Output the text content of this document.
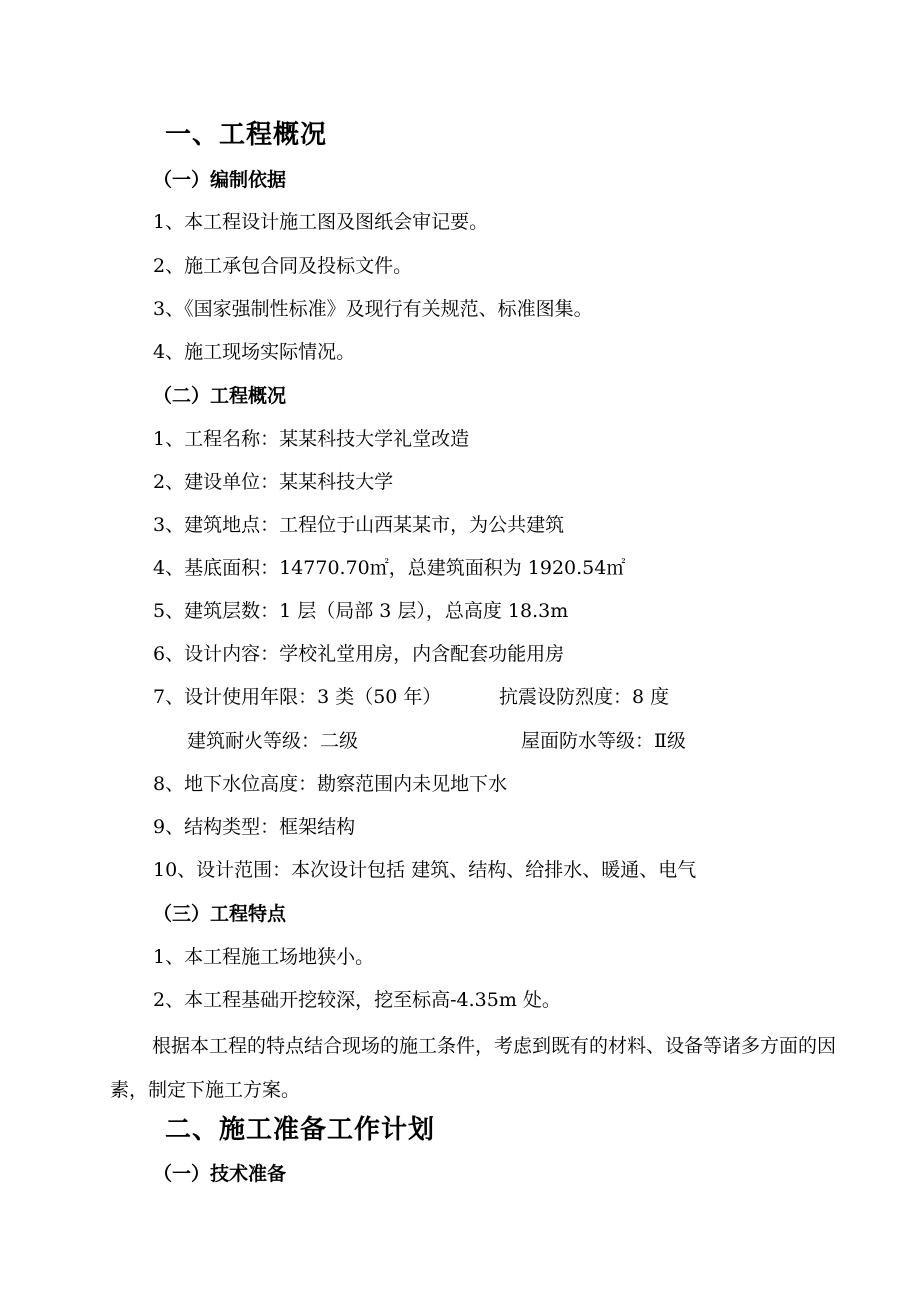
一、工程概况
（一）编制依据
1、本工程设计施工图及图纸会审记要。
2、施工承包合同及投标文件。
3、《国家强制性标准》及现行有关规范、标准图集。
4、施工现场实际情况。
（二）工程概况
1、工程名称：某某科技大学礼堂改造
2、建设单位：某某科技大学
3、建筑地点：工程位于山西某某市，为公共建筑
4、基底面积：14770.70㎡，总建筑面积为 1920.54㎡
5、建筑层数：1 层（局部 3 层），总高度 18.3m
6、设计内容：学校礼堂用房，内含配套功能用房
7、设计使用年限：3 类（50 年）	抗震设防烈度：8 度
建筑耐火等级：二级	屋面防水等级：Ⅱ级
8、地下水位高度：勘察范围内未见地下水
9、结构类型：框架结构
10、设计范围：本次设计包括 建筑、结构、给排水、暖通、电气
（三）工程特点
1、本工程施工场地狭小。
2、本工程基础开挖较深，挖至标高-4.35m 处。
根据本工程的特点结合现场的施工条件，考虑到既有的材料、设备等诸多方面的因素，制定下施工方案。
二、施工准备工作计划
（一）技术准备
